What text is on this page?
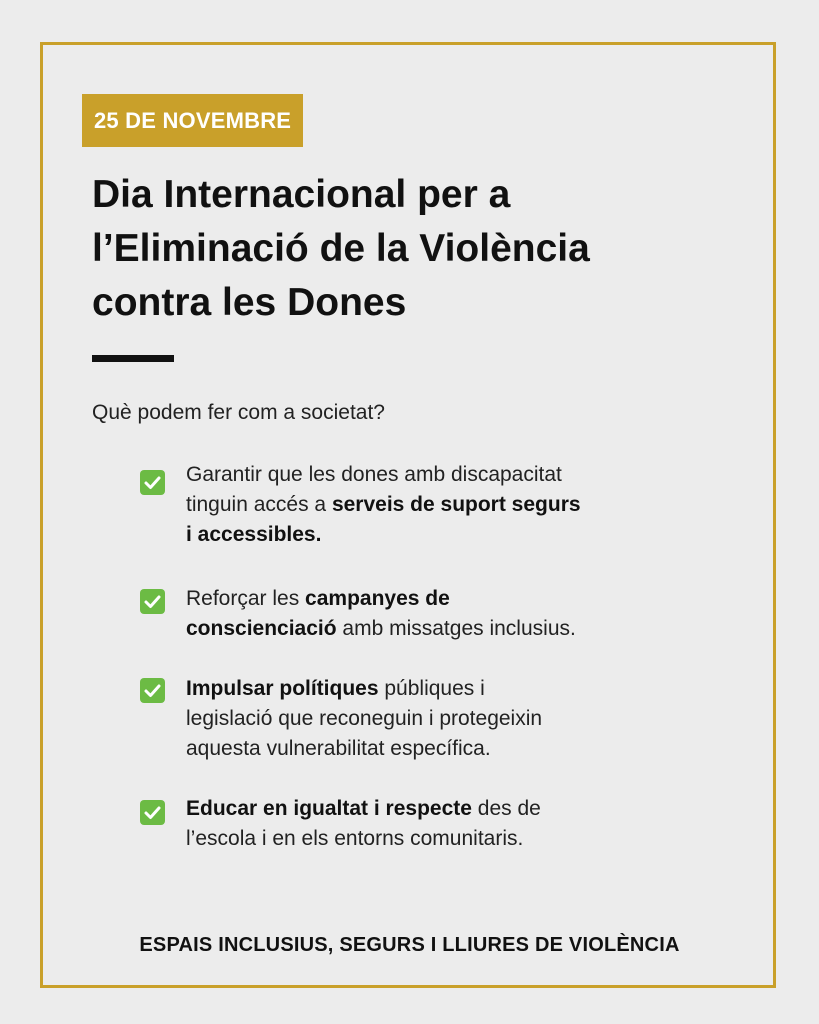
25 DE NOVEMBRE
Dia Internacional per a
l’Eliminació de la Violència
contra les Dones
Què podem fer com a societat?
Garantir que les dones amb discapacitat
tinguin accés a serveis de suport segurs
i accessibles.
Reforçar les campanyes de
conscienciació amb missatges inclusius.
Impulsar polítiques públiques i
legislació que reconeguin i protegeixin
aquesta vulnerabilitat específica.
Educar en igualtat i respecte des de
l’escola i en els entorns comunitaris.
ESPAIS INCLUSIUS, SEGURS I LLIURES DE VIOLÈNCIA
